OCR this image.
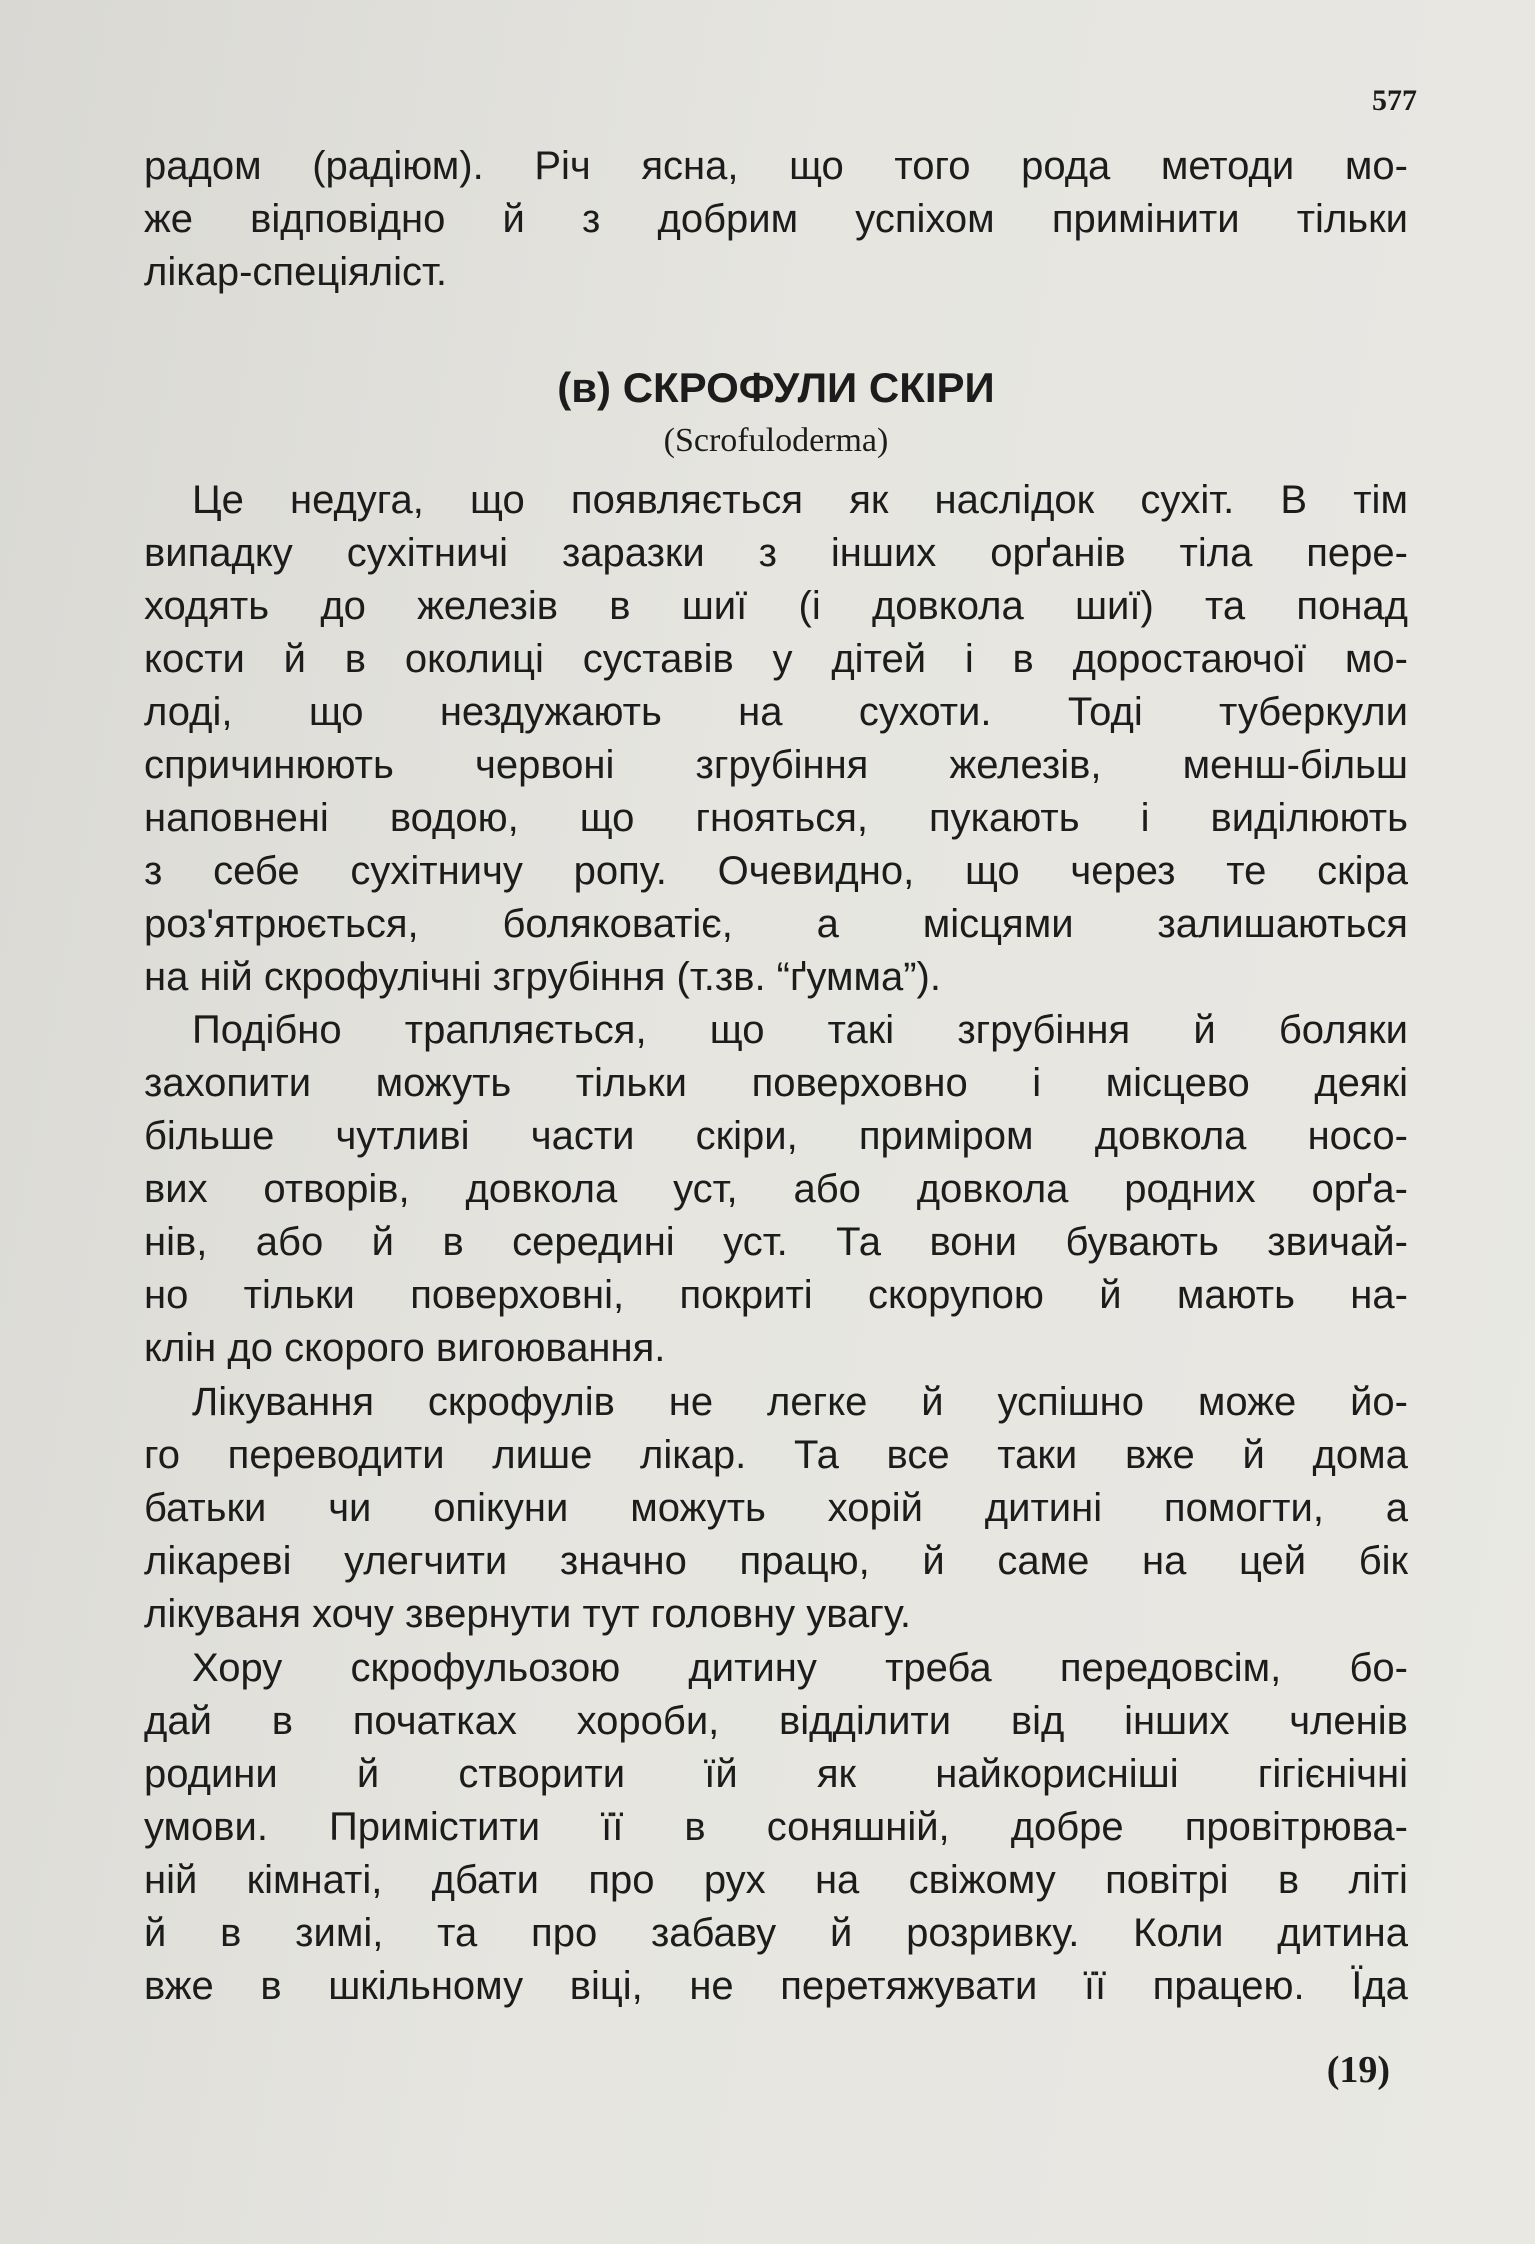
577
радом (радіюм). Річ ясна, що того рода методи мо-
же відповідно й з добрим успіхом примінити тільки
лікар-спеціяліст.
(в) СКРОФУЛИ СКІРИ
(Scrofuloderma)
Це недуга, що появляється як наслідок сухіт. В тім
випадку сухітничі заразки з інших орґанів тіла пере-
ходять до железів в шиї (і довкола шиї) та понад
кости й в околиці суставів у дітей і в доростаючої мо-
лоді, що нездужають на сухоти. Тоді туберкули
спричинюють червоні згрубіння железів, менш-більш
наповнені водою, що гнояться, пукають і виділюють
з себе сухітничу ропу. Очевидно, що через те скіра
роз'ятрюється, боляковатіє, а місцями залишаються
на ній скрофулічні згрубіння (т.зв. “ґумма”).
Подібно трапляється, що такі згрубіння й боляки
захопити можуть тільки поверховно і місцево деякі
більше чутливі части скіри, приміром довкола носо-
вих отворів, довкола уст, або довкола родних орґа-
нів, або й в середині уст. Та вони бувають звичай-
но тільки поверховні, покриті скорупою й мають на-
клін до скорого вигоювання.
Лікування скрофулів не легке й успішно може йо-
го переводити лише лікар. Та все таки вже й дома
батьки чи опікуни можуть хорій дитині помогти, а
лікареві улегчити значно працю, й саме на цей бік
лікуваня хочу звернути тут головну увагу.
Хору скрофульозою дитину треба передовсім, бо-
дай в початках хороби, відділити від інших членів
родини й створити їй як найкорисніші гігієнічні
умови. Примістити її в соняшній, добре провітрюва-
ній кімнаті, дбати про рух на свіжому повітрі в літі
й в зимі, та про забаву й розривку. Коли дитина
вже в шкільному віці, не перетяжувати її працею. Їда
(19)
